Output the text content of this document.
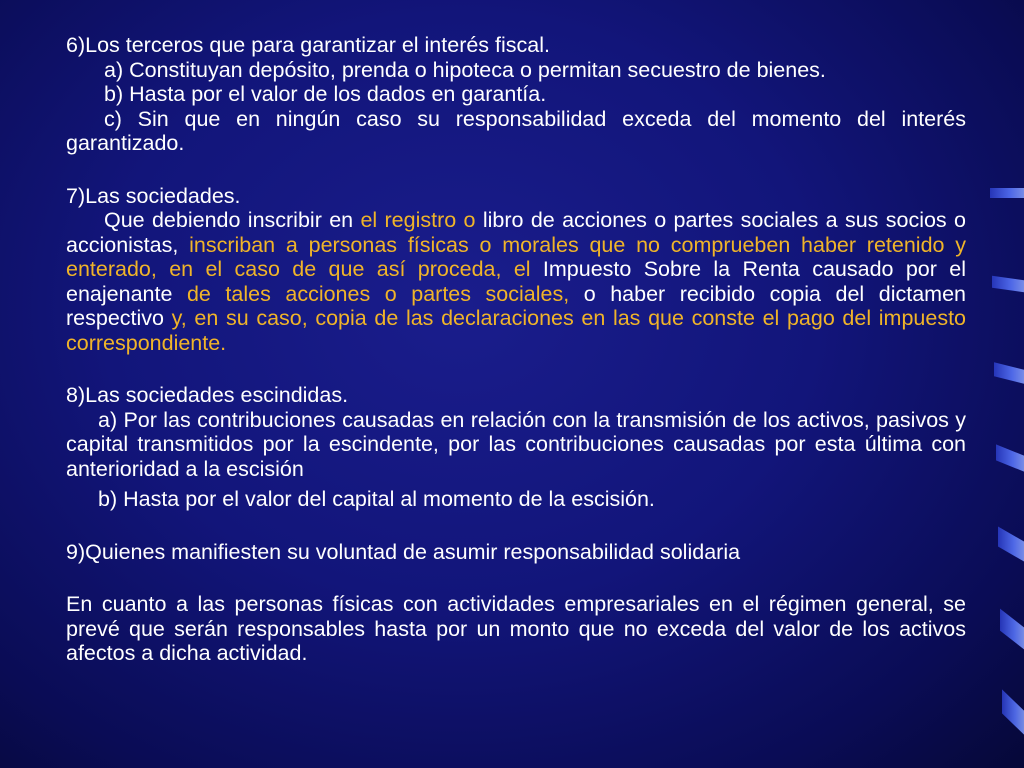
6)Los terceros que para garantizar el interés fiscal.

a) Constituyan depósito, prenda o hipoteca o permitan secuestro de bienes.

b) Hasta por el valor de los dados en garantía.

c) Sin que en ningún caso su responsabilidad exceda del momento del interés garantizado.

7)Las sociedades.

Que debiendo inscribir en el registro o libro de acciones o partes sociales a sus socios o accionistas, inscriban a personas físicas o morales que no comprueben haber retenido y enterado, en el caso de que así proceda, el Impuesto Sobre la Renta causado por el enajenante de tales acciones o partes sociales, o haber recibido copia del dictamen respectivo y, en su caso, copia de las declaraciones en las que conste el pago del impuesto correspondiente.

8)Las sociedades escindidas.

a) Por las contribuciones causadas en relación con la transmisión de los activos, pasivos y capital transmitidos por la escindente, por las contribuciones causadas por esta última con anterioridad a la escisión

b) Hasta por el valor del capital al momento de la escisión.

9)Quienes manifiesten su voluntad de asumir responsabilidad solidaria

En cuanto a las personas físicas con actividades empresariales en el régimen general, se prevé que serán responsables hasta por un monto que no exceda del valor de los activos afectos a dicha actividad.
